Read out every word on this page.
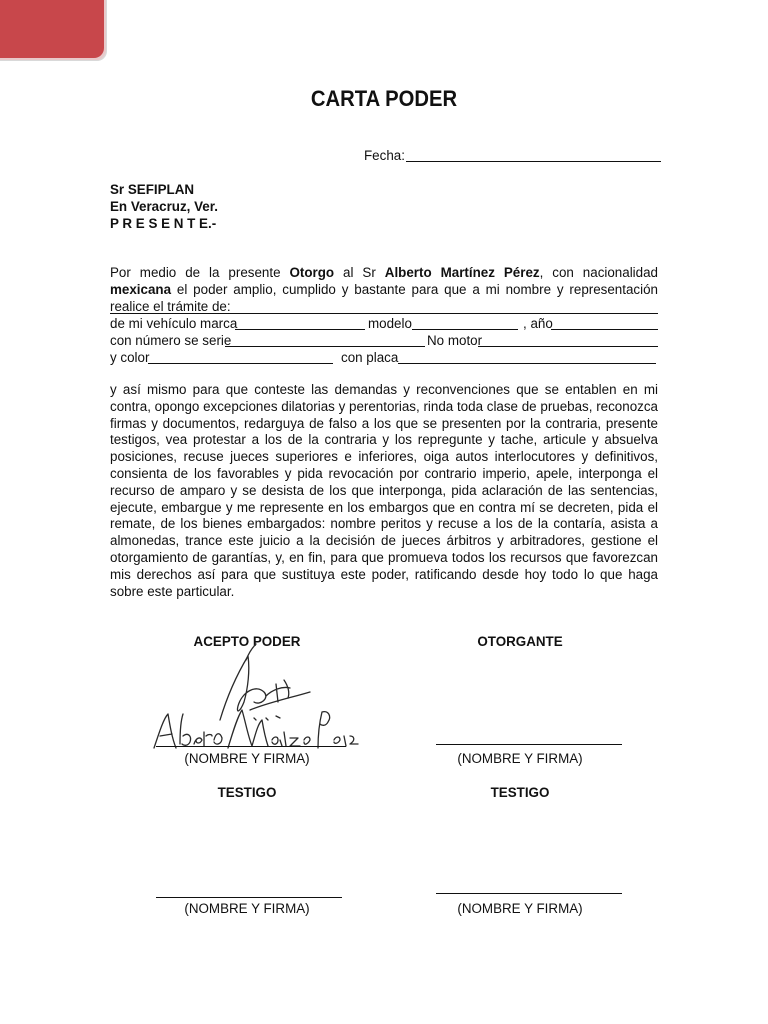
CARTA PODER
Fecha:
Sr SEFIPLAN
En Veracruz, Ver.
P R E S E N T E.-
Por medio de la presente Otorgo al Sr Alberto Martínez Pérez, con nacionalidad mexicana el poder amplio, cumplido y bastante para que a mi nombre y representación realice el trámite de:
de mi vehículo marca	modelo	, año
con número se serie	No motor
y color	con placa
y así mismo para que conteste las demandas y reconvenciones que se entablen en mi contra, opongo excepciones dilatorias y perentorias, rinda toda clase de pruebas, reconozca firmas y documentos, redarguya de falso a los que se presenten por la contraria, presente testigos, vea protestar a los de la contraria y los repregunte y tache, articule y absuelva posiciones, recuse jueces superiores e inferiores, oiga autos interlocutores y definitivos, consienta de los favorables y pida revocación por contrario imperio, apele, interponga el recurso de amparo y se desista de los que interponga, pida aclaración de las sentencias, ejecute, embargue y me represente en los embargos que en contra mí se decreten, pida el remate, de los bienes embargados: nombre peritos y recuse a los de la contaría, asista a almonedas, trance este juicio a la decisión de jueces árbitros y arbitradores, gestione el otorgamiento de garantías, y, en fin, para que promueva todos los recursos que favorezcan mis derechos así para que sustituya este poder, ratificando desde hoy todo lo que haga sobre este particular.
ACEPTO PODER	OTORGANTE
(NOMBRE Y FIRMA)	(NOMBRE Y FIRMA)
TESTIGO	TESTIGO
(NOMBRE Y FIRMA)	(NOMBRE Y FIRMA)
